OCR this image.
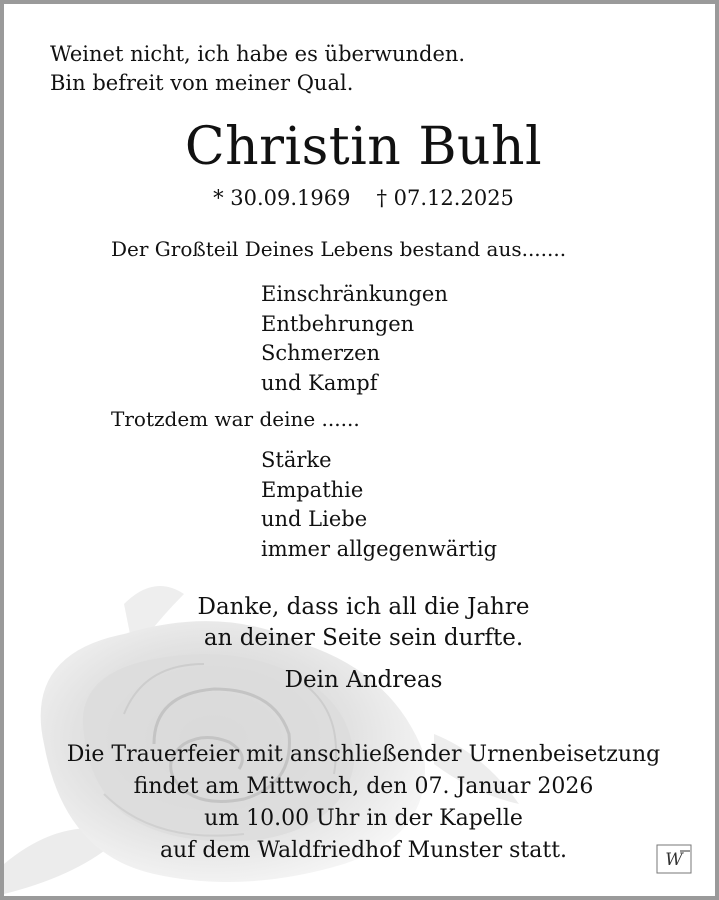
Weinet nicht, ich habe es überwunden.
Bin befreit von meiner Qual.
Christin Buhl
* 30.09.1969 † 07.12.2025
Der Großteil Deines Lebens bestand aus.......
Einschränkungen
Entbehrungen
Schmerzen
und Kampf
Trotzdem war deine ......
Stärke
Empathie
und Liebe
immer allgegenwärtig
Danke, dass ich all die Jahre
an deiner Seite sein durfte.
Dein Andreas
Die Trauerfeier mit anschließender Urnenbeisetzung
findet am Mittwoch, den 07. Januar 2026
um 10.00 Uhr in der Kapelle
auf dem Waldfriedhof Munster statt.	W
